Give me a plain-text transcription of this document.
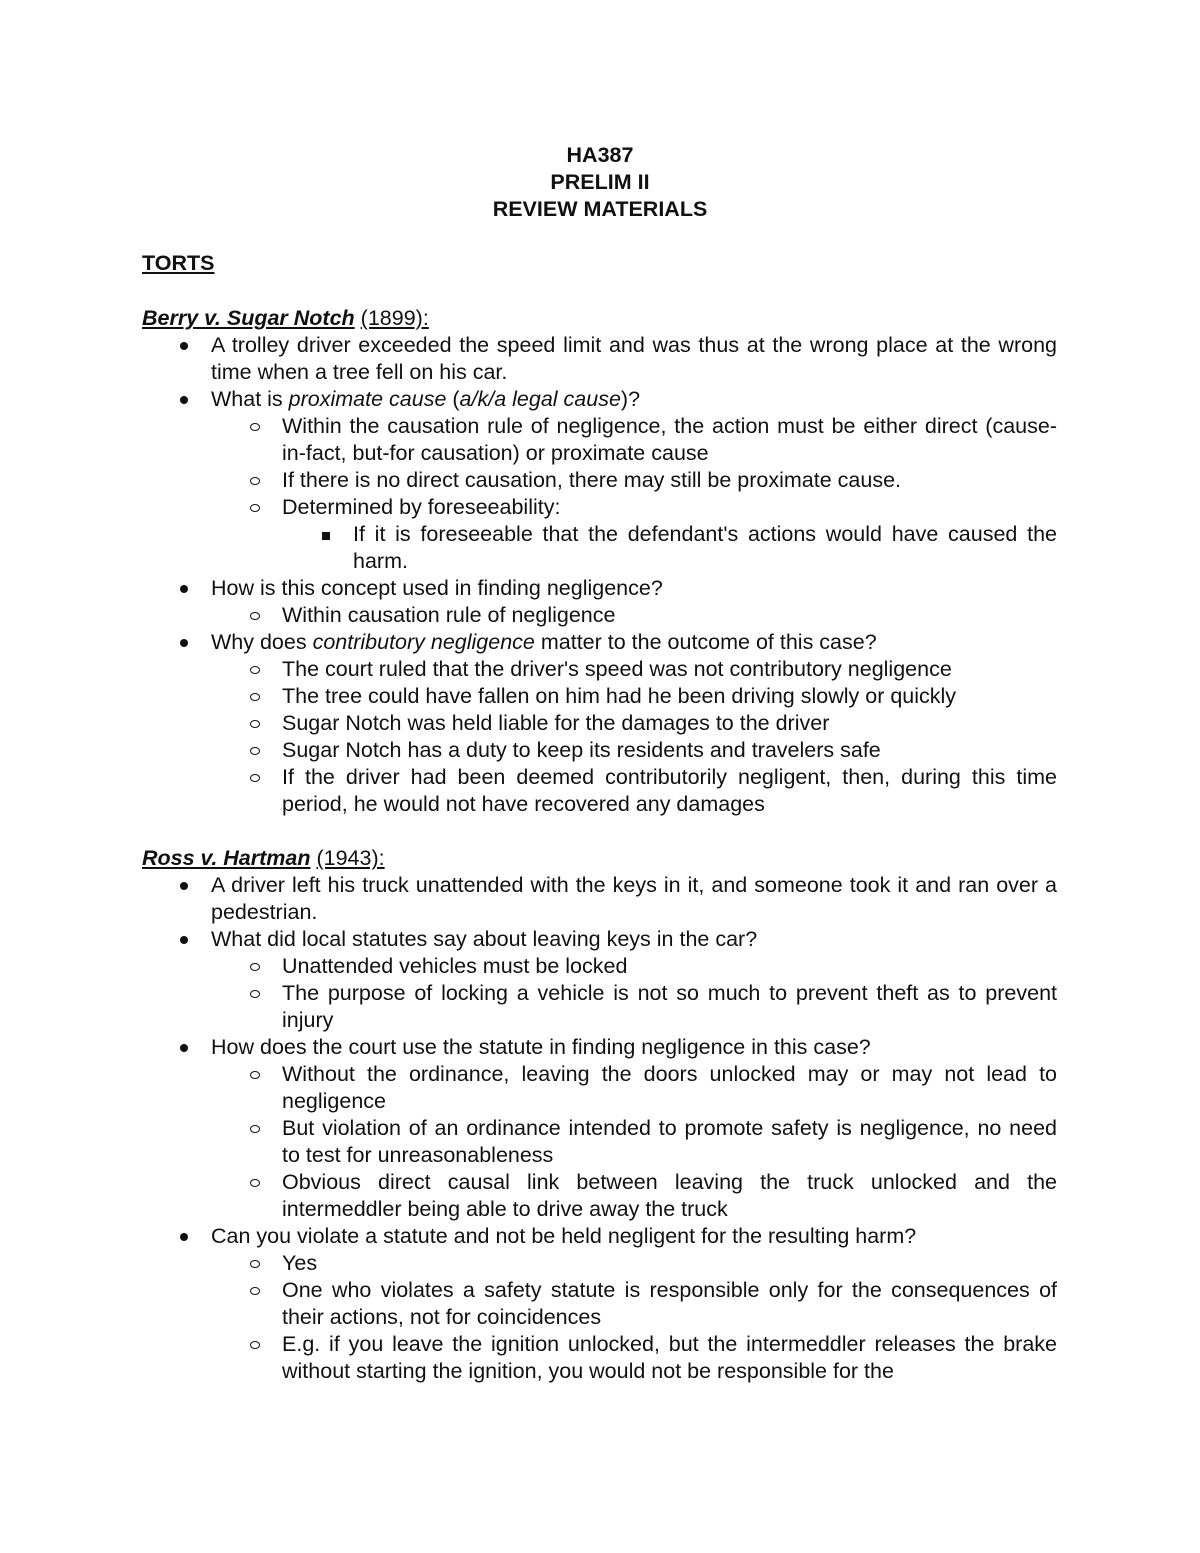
HA387
PRELIM II
REVIEW MATERIALS
TORTS
Berry v. Sugar Notch (1899):
A trolley driver exceeded the speed limit and was thus at the wrong place at the wrong time when a tree fell on his car.
What is proximate cause (a/k/a legal cause)?
Within the causation rule of negligence, the action must be either direct (cause-in-fact, but-for causation) or proximate cause
If there is no direct causation, there may still be proximate cause.
Determined by foreseeability:
If it is foreseeable that the defendant's actions would have caused the harm.
How is this concept used in finding negligence?
Within causation rule of negligence
Why does contributory negligence matter to the outcome of this case?
The court ruled that the driver's speed was not contributory negligence
The tree could have fallen on him had he been driving slowly or quickly
Sugar Notch was held liable for the damages to the driver
Sugar Notch has a duty to keep its residents and travelers safe
If the driver had been deemed contributorily negligent, then, during this time period, he would not have recovered any damages
Ross v. Hartman (1943):
A driver left his truck unattended with the keys in it, and someone took it and ran over a pedestrian.
What did local statutes say about leaving keys in the car?
Unattended vehicles must be locked
The purpose of locking a vehicle is not so much to prevent theft as to prevent injury
How does the court use the statute in finding negligence in this case?
Without the ordinance, leaving the doors unlocked may or may not lead to negligence
But violation of an ordinance intended to promote safety is negligence, no need to test for unreasonableness
Obvious direct causal link between leaving the truck unlocked and the intermeddler being able to drive away the truck
Can you violate a statute and not be held negligent for the resulting harm?
Yes
One who violates a safety statute is responsible only for the consequences of their actions, not for coincidences
E.g. if you leave the ignition unlocked, but the intermeddler releases the brake without starting the ignition, you would not be responsible for the
